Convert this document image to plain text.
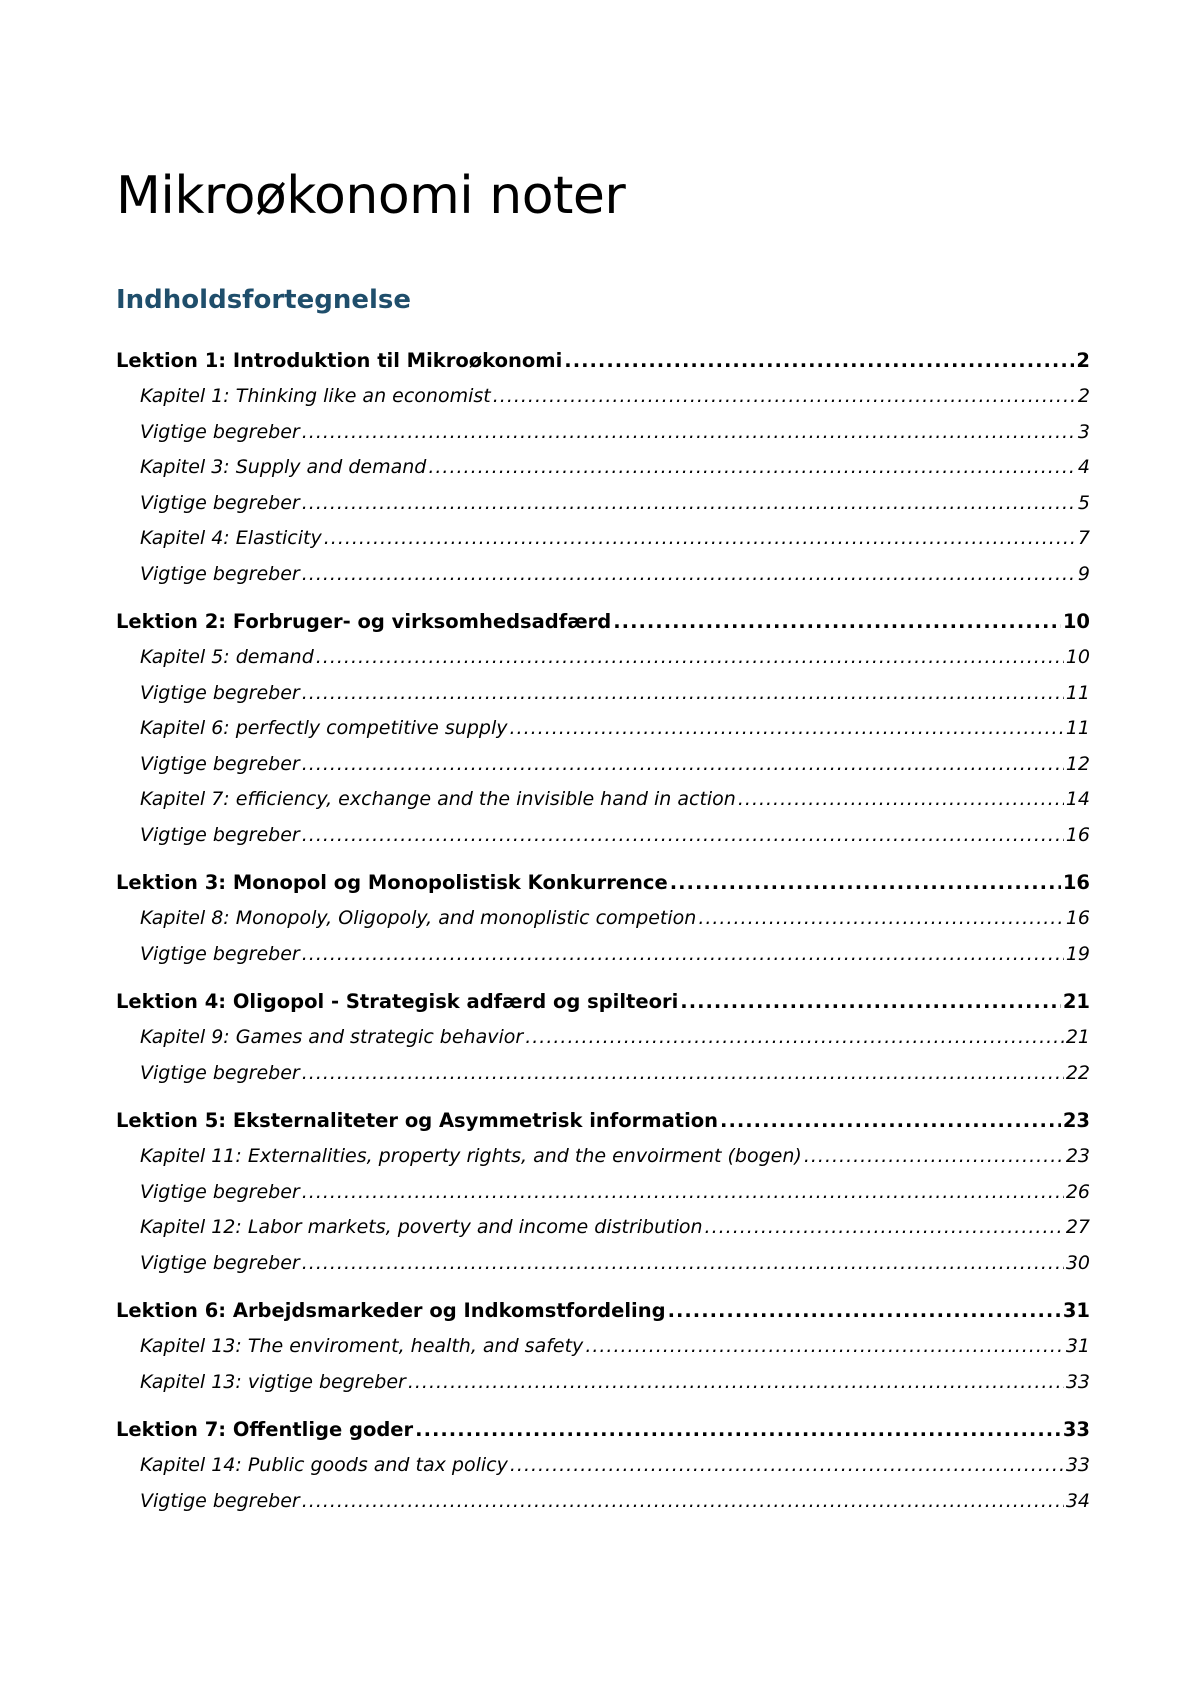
Mikroøkonomi noter
Indholdsfortegnelse
Lektion 1: Introduktion til Mikroøkonomi .....	2
Kapitel 1: Thinking like an economist .....	2
Vigtige begreber .....	3
Kapitel 3: Supply and demand .....	4
Vigtige begreber .....	5
Kapitel 4: Elasticity .....	7
Vigtige begreber .....	9
Lektion 2: Forbruger- og virksomhedsadfærd .....	10
Kapitel 5: demand .....	10
Vigtige begreber .....	11
Kapitel 6: perfectly competitive supply .....	11
Vigtige begreber .....	12
Kapitel 7: efficiency, exchange and the invisible hand in action .....	14
Vigtige begreber .....	16
Lektion 3: Monopol og Monopolistisk Konkurrence .....	16
Kapitel 8: Monopoly, Oligopoly, and monoplistic competion .....	16
Vigtige begreber .....	19
Lektion 4: Oligopol - Strategisk adfærd og spilteori .....	21
Kapitel 9: Games and strategic behavior .....	21
Vigtige begreber .....	22
Lektion 5: Eksternaliteter og Asymmetrisk information .....	23
Kapitel 11: Externalities, property rights, and the envoirment (bogen) .....	23
Vigtige begreber .....	26
Kapitel 12: Labor markets, poverty and income distribution .....	27
Vigtige begreber .....	30
Lektion 6: Arbejdsmarkeder og Indkomstfordeling .....	31
Kapitel 13: The enviroment, health, and safety .....	31
Kapitel 13: vigtige begreber .....	33
Lektion 7: Offentlige goder .....	33
Kapitel 14: Public goods and tax policy .....	33
Vigtige begreber .....	34
